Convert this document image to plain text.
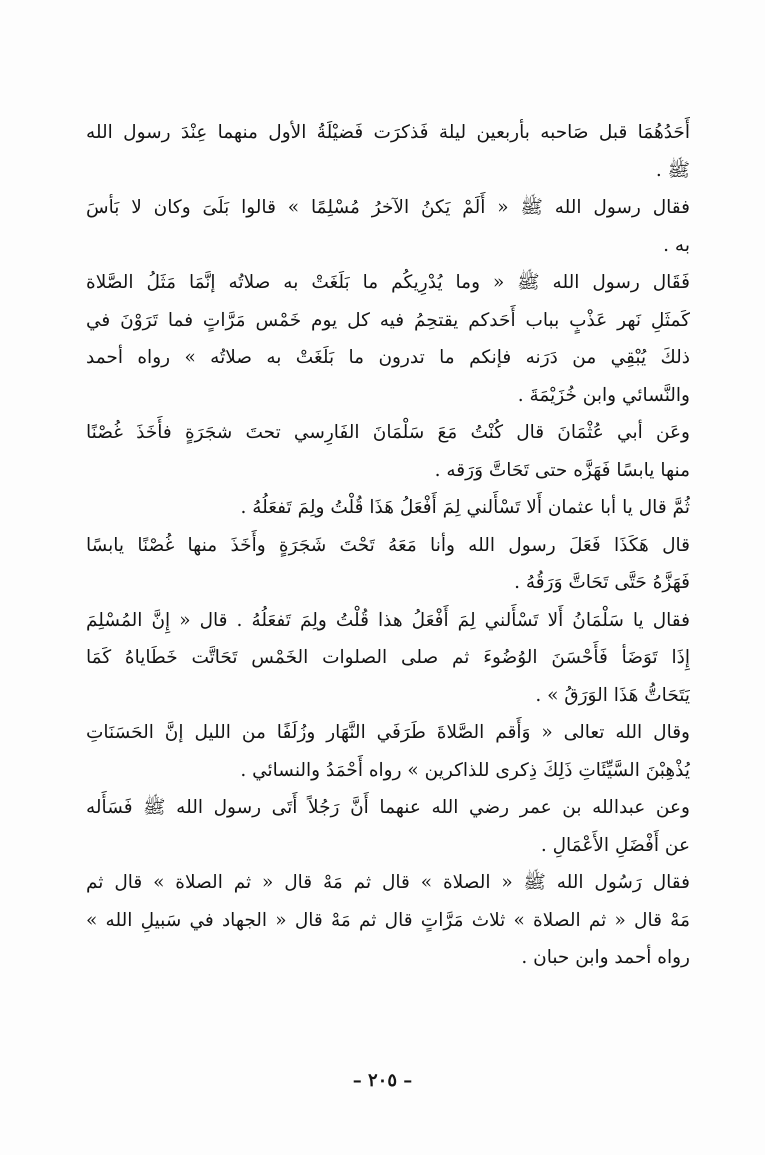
أَحَدُهُمَا قبل صَاحبه بأربعين ليلة فَذكرَت فَضيْلَةُ الأول منهما عِنْدَ رسول الله
ﷺ .
فقال رسول الله ﷺ « أَلَمْ يَكنُ الآخرُ مُسْلِمًا » قالوا بَلَىَ وكان لا بَأسَ
به .
فَقَال رسول الله ﷺ « وما يُدْرِيكُم ما بَلَغَتْ به صلاتُه إنَّمَا مَثَلُ الصَّلاة
كَمثَلِ نَهر عَذْبٍ بباب أَحَدكم يقتحِمُ فيه كل يوم خَمْس مَرَّاتٍ فما تَرَوْنَ في
ذلكَ يُبْقِي من دَرَنه فإنكم ما تدرون ما بَلَغَتْ به صلاتُه » رواه أحمد
والنَّسائي وابن خُزَيْمَةَ .
وعَن أبي عُثْمَانَ قال كُنْتُ مَعَ سَلْمَانَ الفَارِسي تحتَ شجَرَةٍ فأَخَذَ غُصْنًا
منها يابسًا فَهَزَّه حتى تَحَاتَّ وَرَقه .
ثُمَّ قال يا أبا عثمان أَلا تَسْأَلني لِمَ أَفْعَلُ هَذَا قُلْتُ ولِمَ تَفعَلُهُ .
قال هَكَذَا فَعَلَ رسول الله وأنا مَعَهُ تَحْتَ شَجَرَةٍ وأَخَذَ منها غُصْنًا يابسًا
فَهَزَّهُ حَتَّى تَحَاتَّ وَرَقُهُ .
فقال يا سَلْمَانُ أَلا تَسْأَلني لِمَ أَفْعَلُ هذا قُلْتُ ولِمَ تَفعَلُهُ . قال « إِنَّ المُسْلِمَ
إِذَا تَوَضَأ فَأَحْسَنَ الوُضُوءَ ثم صلى الصلوات الخَمْس تَحَاتَّت خَطَاياهُ كَمَا
يَتَحَاتُّ هَذَا الوَرَقُ » .
وقال الله تعالى « وَأَقم الصَّلاةَ طَرَفَي النَّهَار وزُلَفًا من الليل إنَّ الحَسَنَاتِ
يُذْهِبْنَ السَّيِّئَاتِ ذَلِكَ ذِكرى للذاكرين » رواه أَحْمَدُ والنسائي .
وعن عبدالله بن عمر رضي الله عنهما أَنَّ رَجُلاً أَتَى رسول الله ﷺ فَسَأَله
عن أَفْضَلِ الأَعْمَالِ .
فقال رَسُول الله ﷺ « الصلاة » قال ثم مَهْ قال « ثم الصلاة » قال ثم
مَهْ قال « ثم الصلاة » ثلاث مَرَّاتٍ قال ثم مَهْ قال « الجهاد في سَبيلِ الله »
رواه أحمد وابن حبان .
– ٢٠٥ –
